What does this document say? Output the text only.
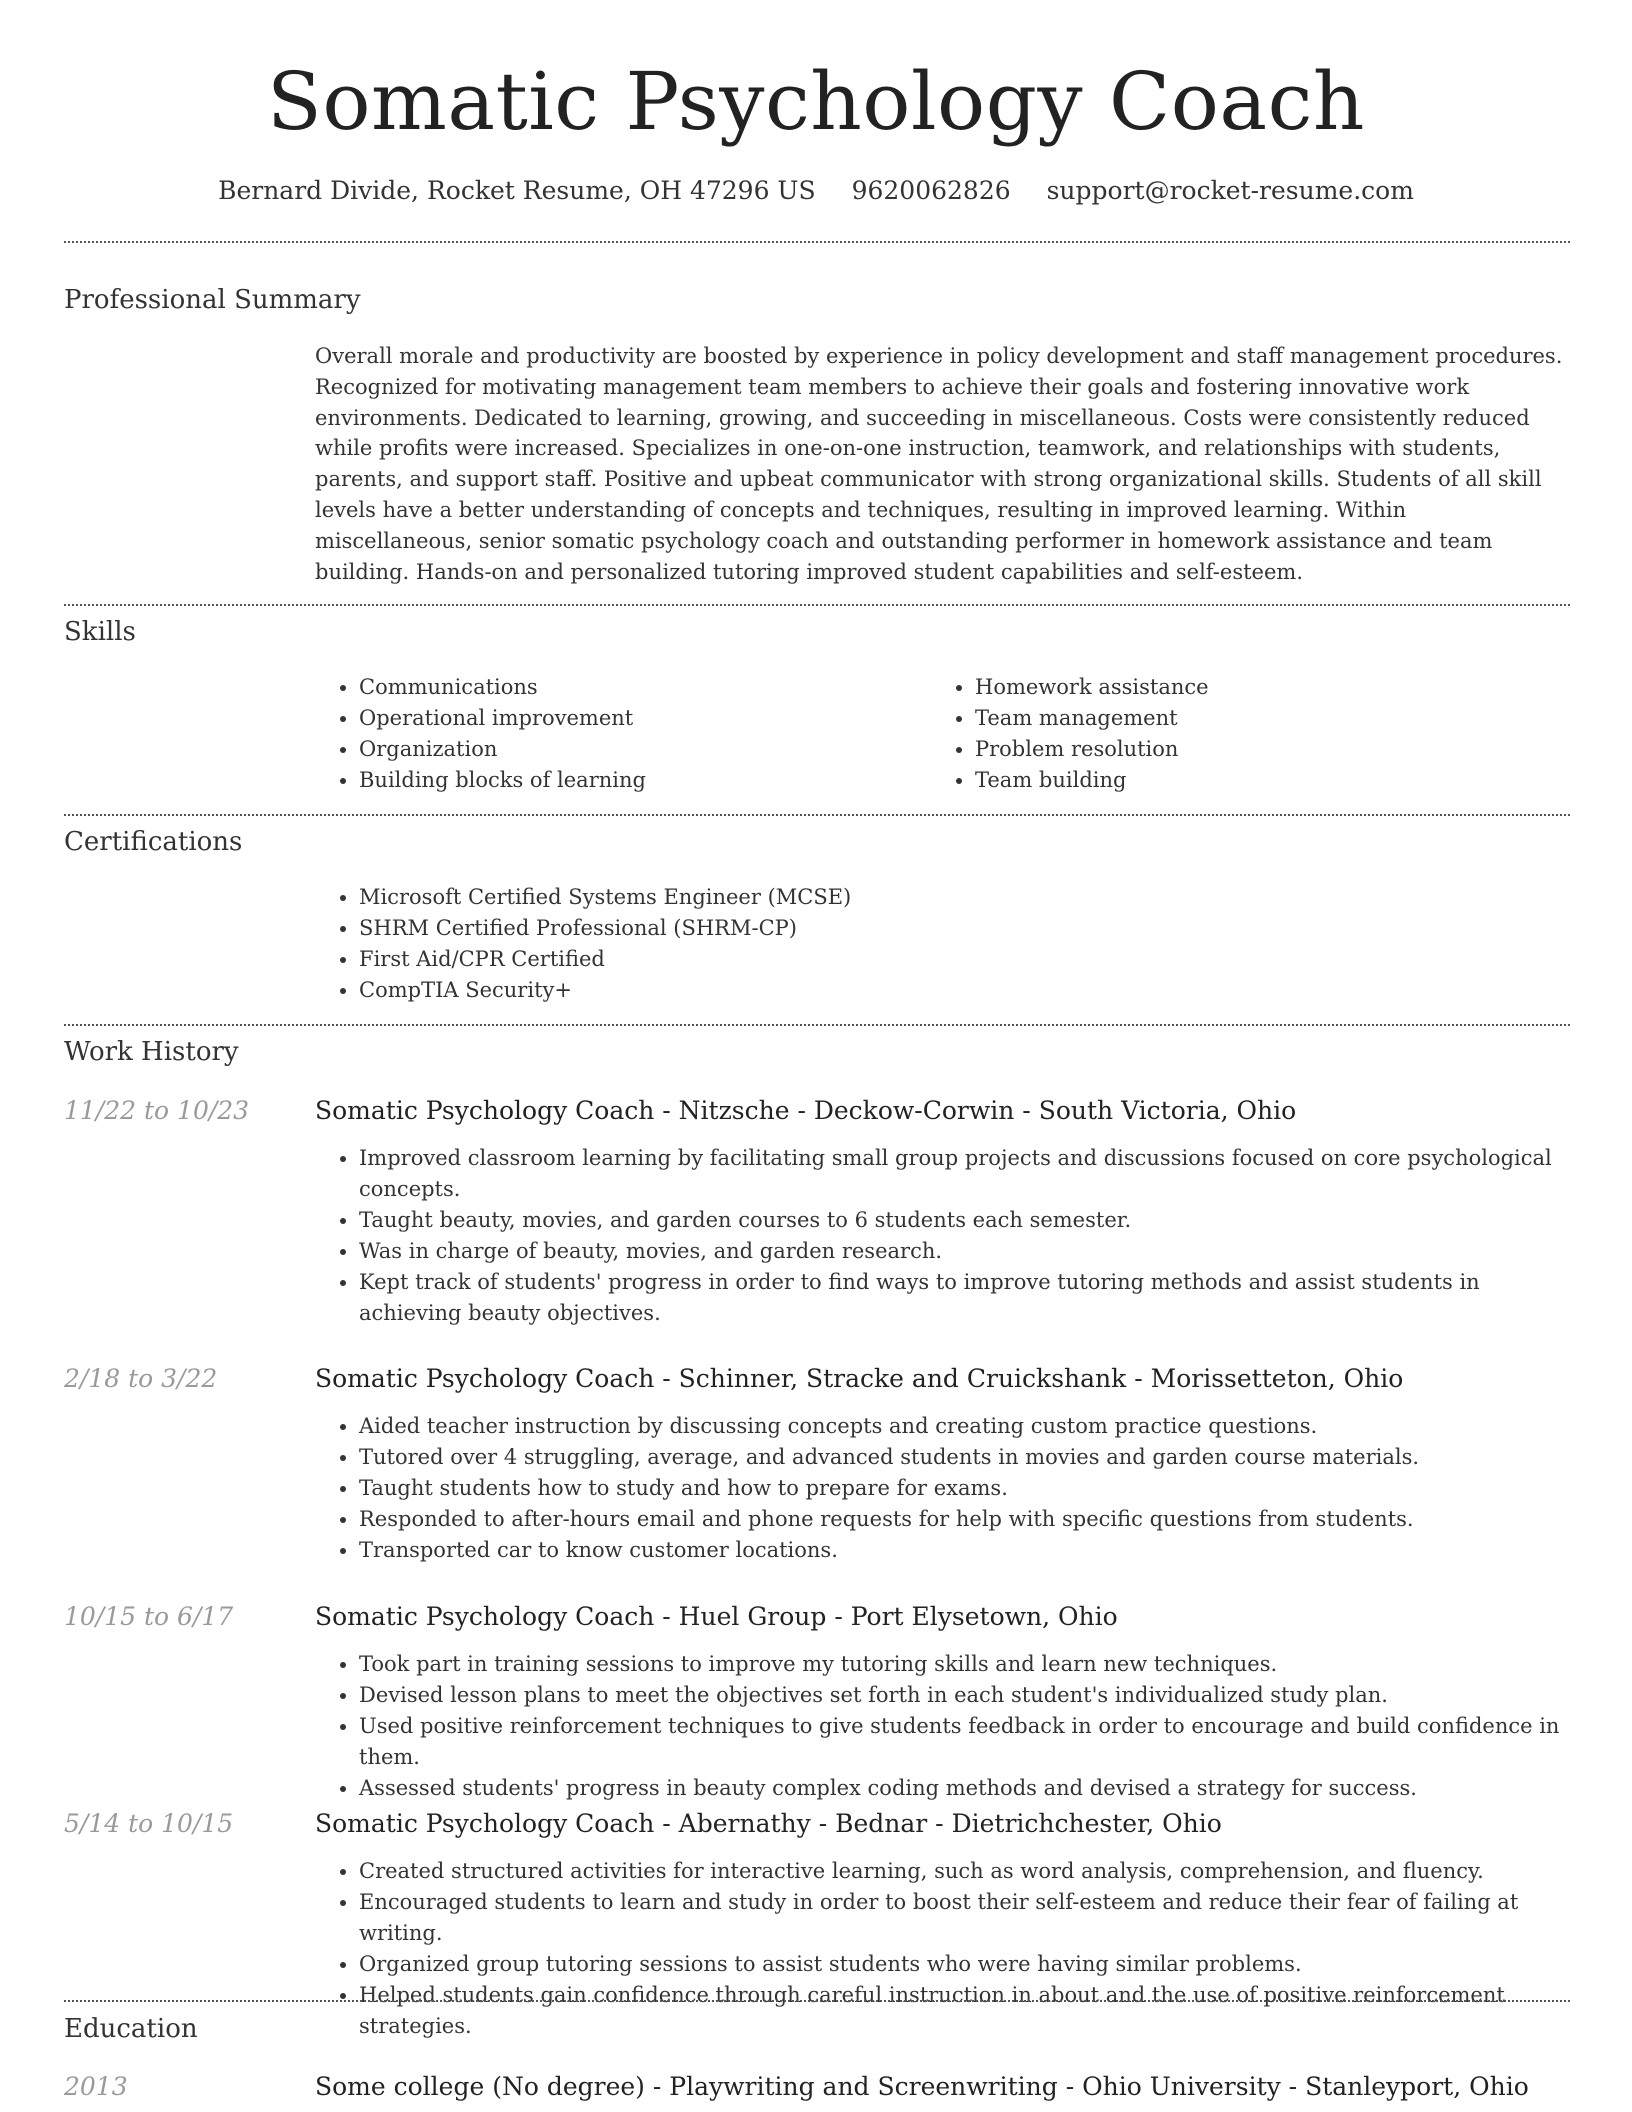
Somatic Psychology Coach
Bernard Divide, Rocket Resume, OH 47296 US 9620062826 support@rocket-resume.com
Professional Summary

Overall morale and productivity are boosted by experience in policy development and staff management procedures. Recognized for motivating management team members to achieve their goals and fostering innovative work environments. Dedicated to learning, growing, and succeeding in miscellaneous. Costs were consistently reduced while profits were increased. Specializes in one-on-one instruction, teamwork, and relationships with students, parents, and support staff. Positive and upbeat communicator with strong organizational skills. Students of all skill levels have a better understanding of concepts and techniques, resulting in improved learning. Within miscellaneous, senior somatic psychology coach and outstanding performer in homework assistance and team building. Hands-on and personalized tutoring improved student capabilities and self-esteem.

Skills
• Communications
• Operational improvement
• Organization
• Building blocks of learning
• Homework assistance
• Team management
• Problem resolution
• Team building
Certifications
• Microsoft Certified Systems Engineer (MCSE)
• SHRM Certified Professional (SHRM-CP)
• First Aid/CPR Certified
• CompTIA Security+
Work History
11/22 to 10/23	Somatic Psychology Coach - Nitzsche - Deckow-Corwin - South Victoria, Ohio
• Improved classroom learning by facilitating small group projects and discussions focused on core psychological concepts.
• Taught beauty, movies, and garden courses to 6 students each semester.
• Was in charge of beauty, movies, and garden research.
• Kept track of students' progress in order to find ways to improve tutoring methods and assist students in achieving beauty objectives.
2/18 to 3/22	Somatic Psychology Coach - Schinner, Stracke and Cruickshank - Morissetteton, Ohio
• Aided teacher instruction by discussing concepts and creating custom practice questions.
• Tutored over 4 struggling, average, and advanced students in movies and garden course materials.
• Taught students how to study and how to prepare for exams.
• Responded to after-hours email and phone requests for help with specific questions from students.
• Transported car to know customer locations.
10/15 to 6/17	Somatic Psychology Coach - Huel Group - Port Elysetown, Ohio
• Took part in training sessions to improve my tutoring skills and learn new techniques.
• Devised lesson plans to meet the objectives set forth in each student's individualized study plan.
• Used positive reinforcement techniques to give students feedback in order to encourage and build confidence in them.
• Assessed students' progress in beauty complex coding methods and devised a strategy for success.
5/14 to 10/15	Somatic Psychology Coach - Abernathy - Bednar - Dietrichchester, Ohio
• Created structured activities for interactive learning, such as word analysis, comprehension, and fluency.
• Encouraged students to learn and study in order to boost their self-esteem and reduce their fear of failing at writing.
• Organized group tutoring sessions to assist students who were having similar problems.
• Helped students gain confidence through careful instruction in about and the use of positive reinforcement strategies.
Education
2013	Some college (No degree) - Playwriting and Screenwriting - Ohio University - Stanleyport, Ohio
